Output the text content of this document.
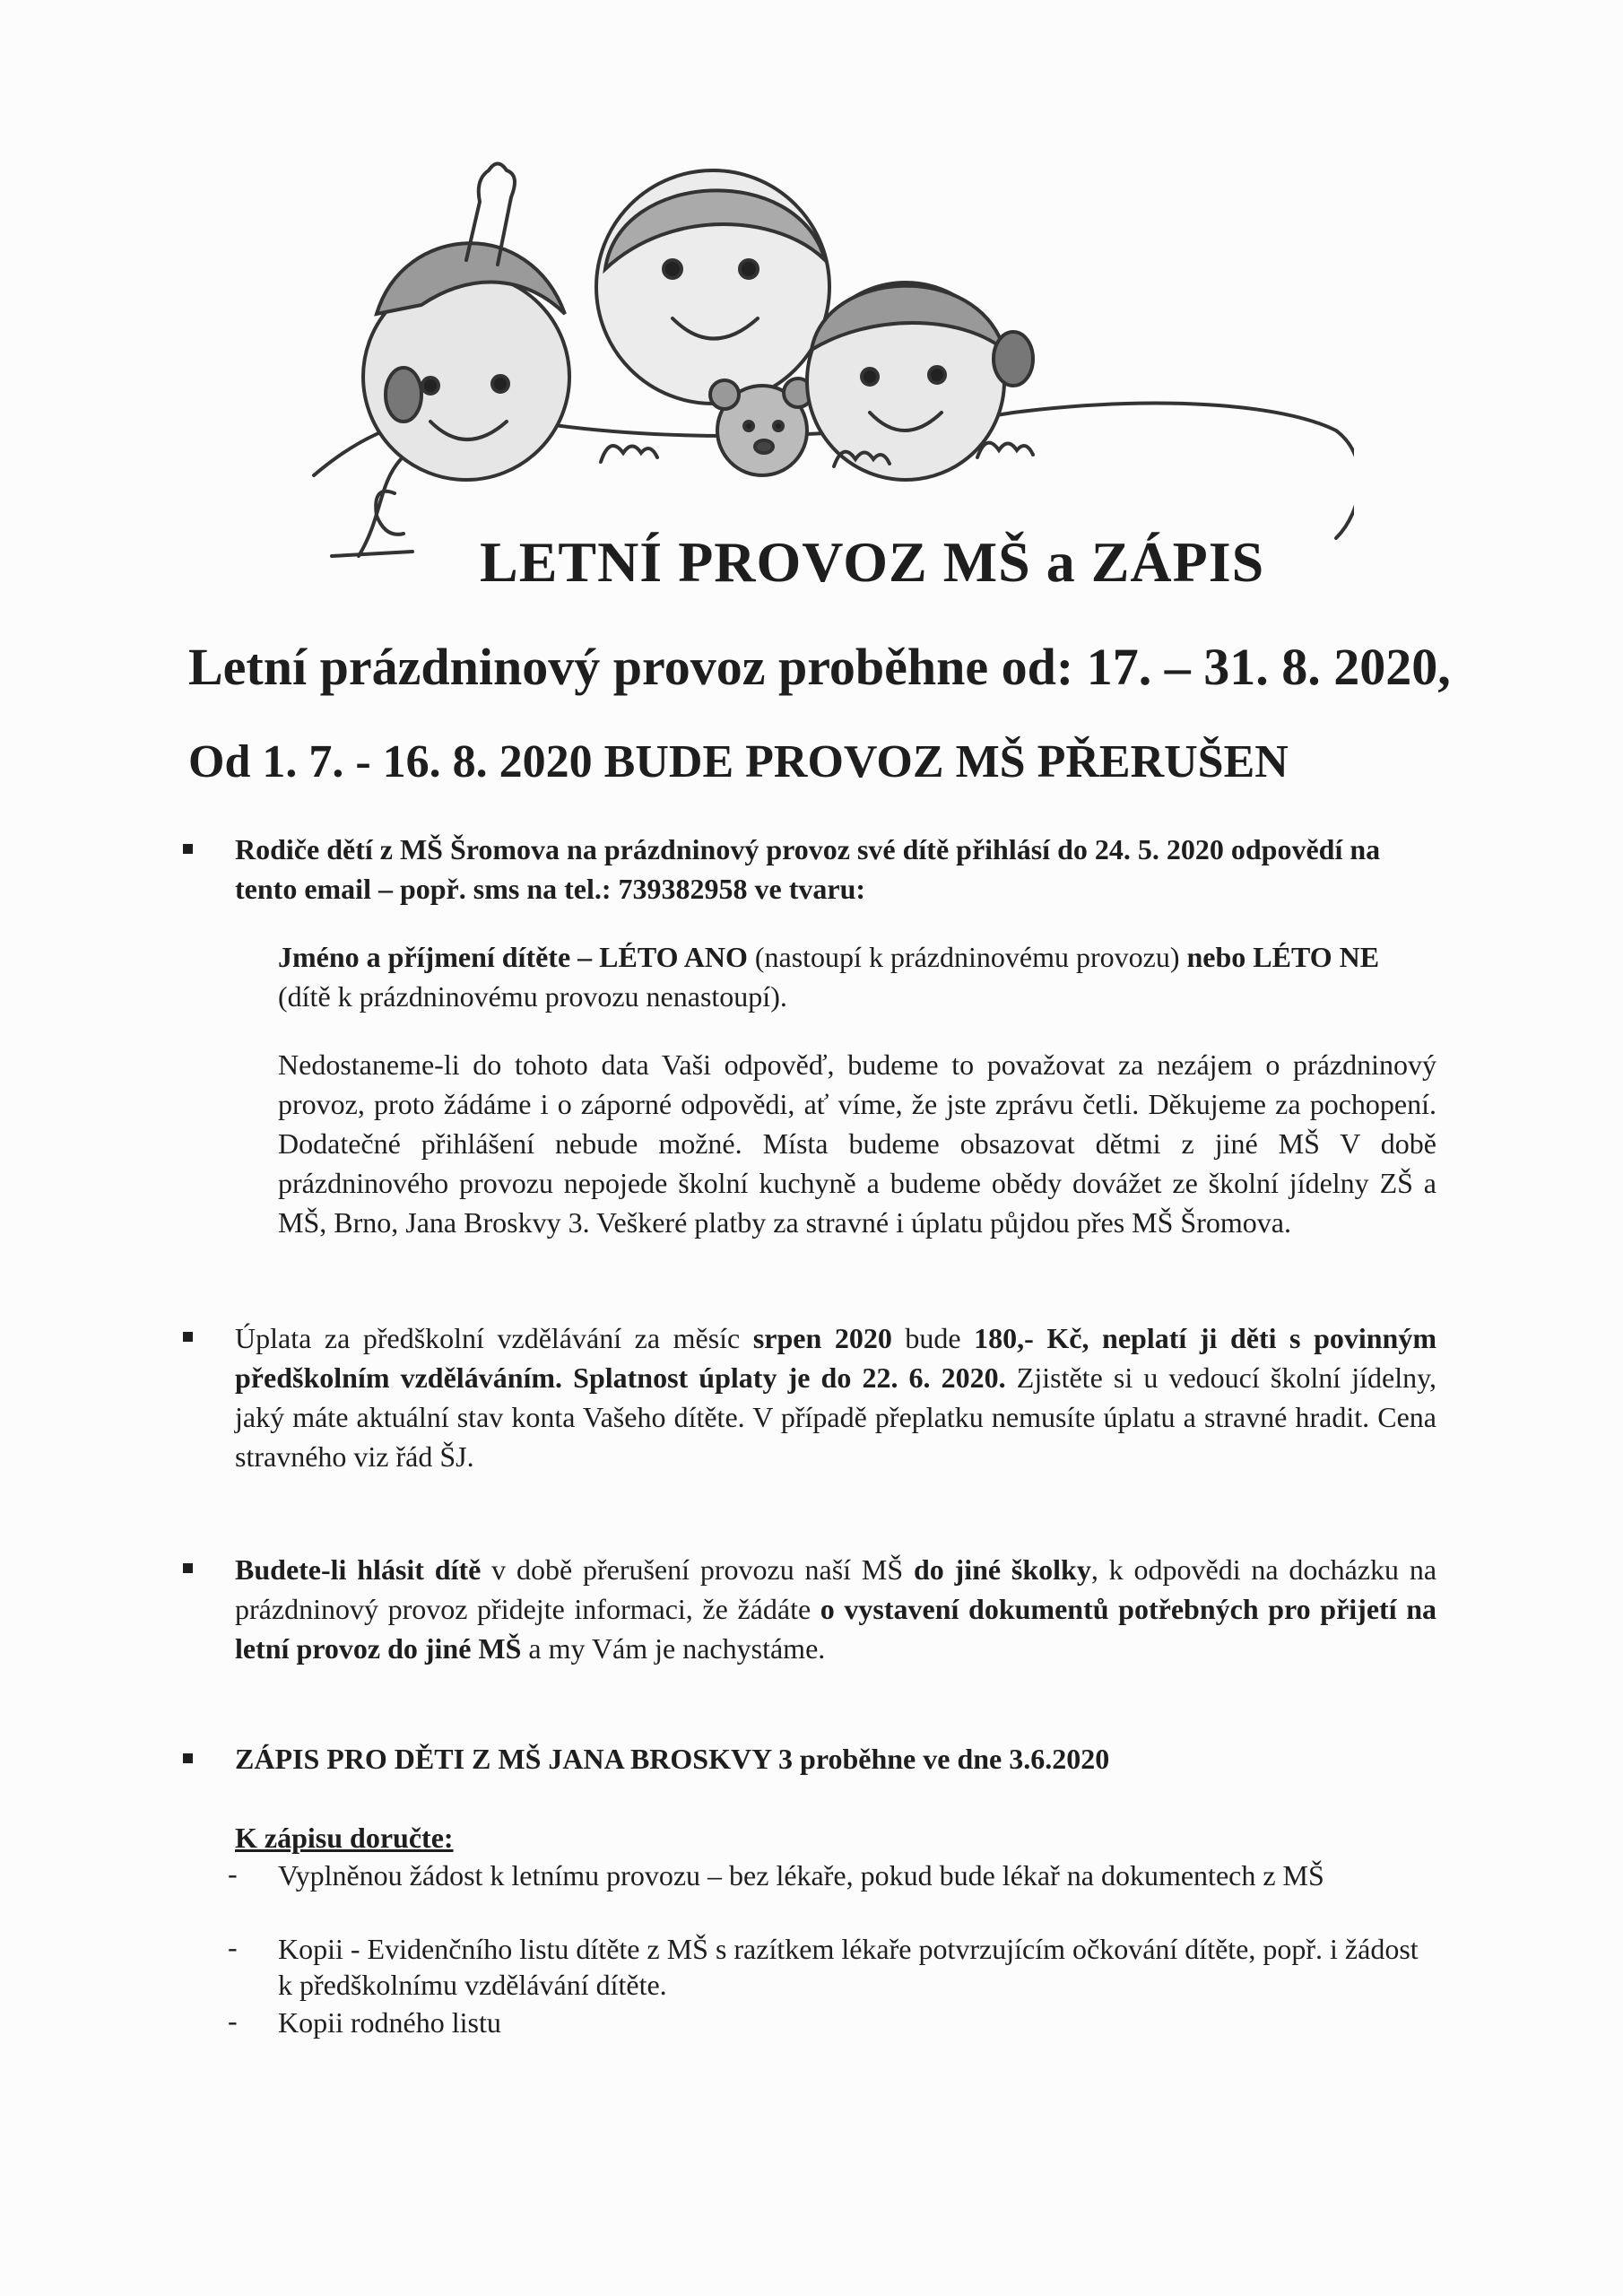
LETNÍ PROVOZ MŠ a ZÁPIS
Letní prázdninový provoz proběhne od: 17. – 31. 8. 2020,
Od 1. 7. - 16. 8. 2020 BUDE PROVOZ MŠ PŘERUŠEN

Rodiče dětí z MŠ Šromova na prázdninový provoz své dítě přihlásí do 24. 5. 2020 odpovědí na tento email – popř. sms na tel.: 739382958 ve tvaru:

Jméno a příjmení dítěte – LÉTO ANO (nastoupí k prázdninovému provozu) nebo LÉTO NE (dítě k prázdninovému provozu nenastoupí).

Nedostaneme-li do tohoto data Vaši odpověď, budeme to považovat za nezájem o prázdninový provoz, proto žádáme i o záporné odpovědi, ať víme, že jste zprávu četli. Děkujeme za pochopení. Dodatečné přihlášení nebude možné. Místa budeme obsazovat dětmi z jiné MŠ V době prázdninového provozu nepojede školní kuchyně a budeme obědy dovážet ze školní jídelny ZŠ a MŠ, Brno, Jana Broskvy 3. Veškeré platby za stravné i úplatu půjdou přes MŠ Šromova.

Úplata za předškolní vzdělávání za měsíc srpen 2020 bude 180,- Kč, neplatí ji děti s povinným předškolním vzděláváním. Splatnost úplaty je do 22. 6. 2020. Zjistěte si u vedoucí školní jídelny, jaký máte aktuální stav konta Vašeho dítěte. V případě přeplatku nemusíte úplatu a stravné hradit. Cena stravného viz řád ŠJ.

Budete-li hlásit dítě v době přerušení provozu naší MŠ do jiné školky, k odpovědi na docházku na prázdninový provoz přidejte informaci, že žádáte o vystavení dokumentů potřebných pro přijetí na letní provoz do jiné MŠ a my Vám je nachystáme.

ZÁPIS PRO DĚTI Z MŠ JANA BROSKVY 3 proběhne ve dne 3.6.2020

K zápisu doručte:

- Vyplněnou žádost k letnímu provozu – bez lékaře, pokud bude lékař na dokumentech z MŠ
- Kopii - Evidenčního listu dítěte z MŠ s razítkem lékaře potvrzujícím očkování dítěte, popř. i žádost k předškolnímu vzdělávání dítěte.
- Kopii rodného listu
